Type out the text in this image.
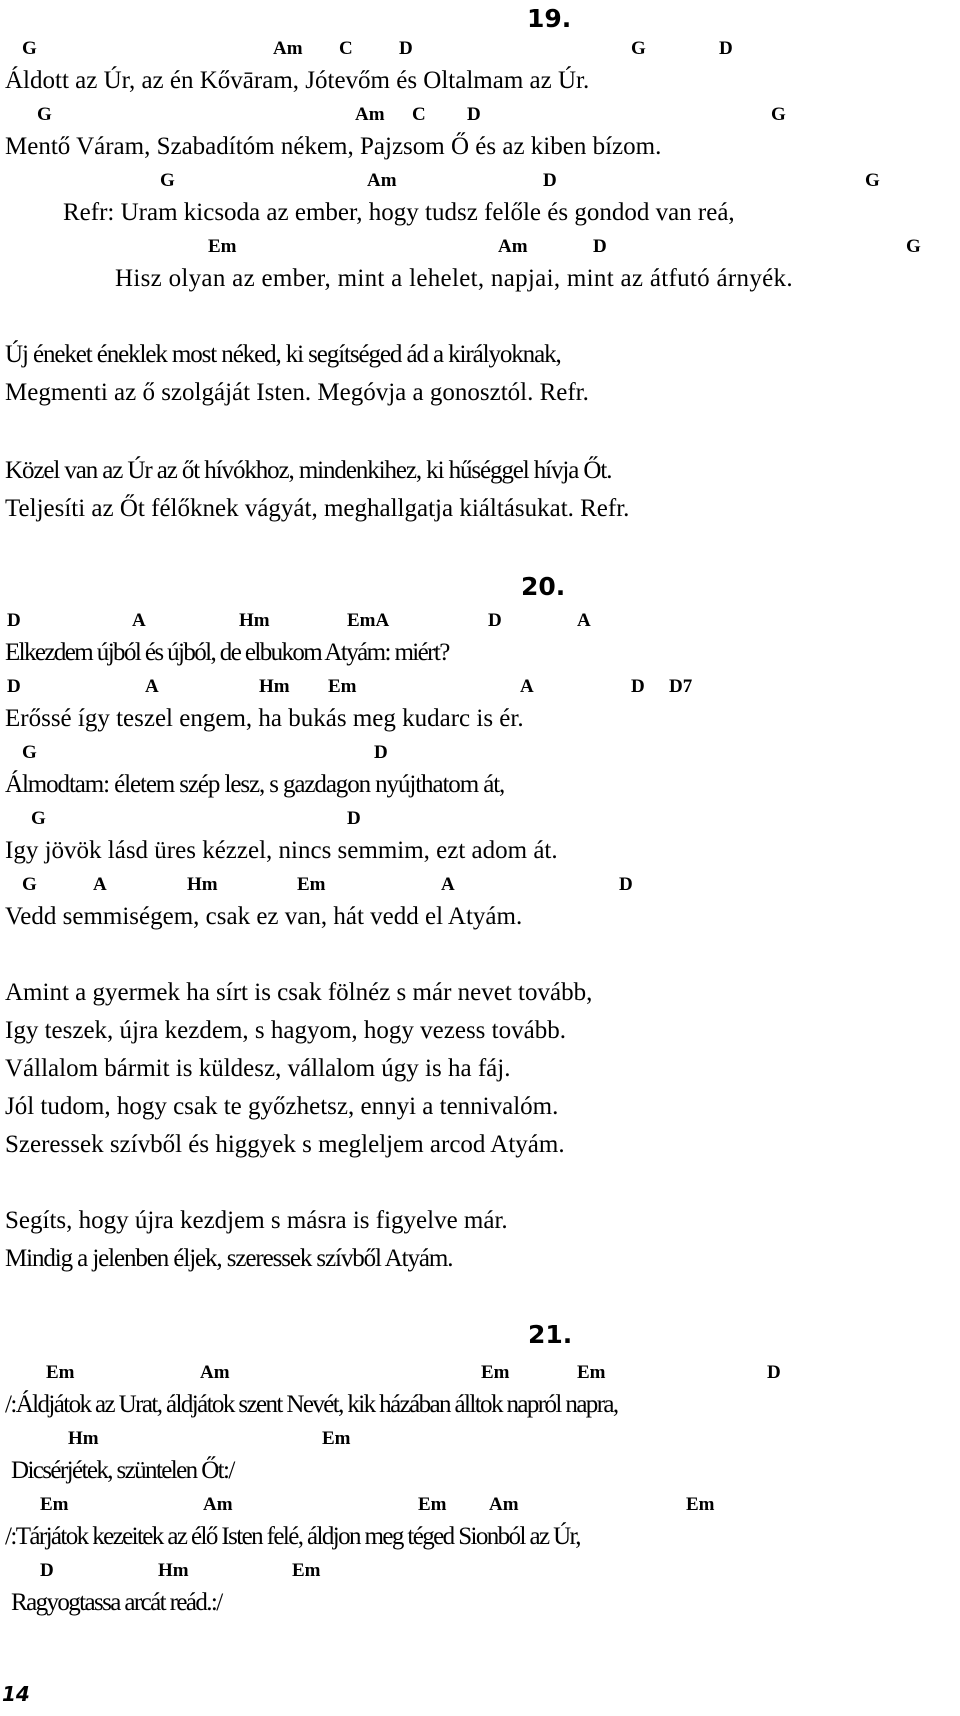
19.
G	Am C D	G	D
Áldott az Úr, az én Kővāram, Jótevőm és Oltalmam az Úr.
G	Am C D	G
Mentő Váram, Szabadítóm nékem, Pajzsom Ő és az kiben bízom.
G	Am	D	G
Refr: Uram kicsoda az ember, hogy tudsz felőle és gondod van reá,
Em	Am	D	G
Hisz olyan az ember, mint a lehelet, napjai, mint az átfutó árnyék.
Új éneket éneklek most néked, ki segítséged ád a királyoknak,
Megmenti az ő szolgáját Isten. Megóvja a gonosztól. Refr.
Közel van az Úr az őt hívókhoz, mindenkihez, ki hűséggel hívja Őt.
Teljesíti az Őt félőknek vágyát, meghallgatja kiáltásukat. Refr.
20.
D	A	Hm	EmA	D	A
Elkezdem újból és újból, de elbukom Atyám: miért?
D	A	Hm Em	A	D D7
Erőssé így teszel engem, ha bukás meg kudarc is ér.
G	D
Álmodtam: életem szép lesz, s gazdagon nyújthatom át,
G	D
Igy jövök lásd üres kézzel, nincs semmim, ezt adom át.
G	A	Hm	Em	A	D
Vedd semmiségem, csak ez van, hát vedd el Atyám.
Amint a gyermek ha sírt is csak fölnéz s már nevet tovább,
Igy teszek, újra kezdem, s hagyom, hogy vezess tovább.
Vállalom bármit is küldesz, vállalom úgy is ha fáj.
Jól tudom, hogy csak te győzhetsz, ennyi a tennivalóm.
Szeressek szívből és higgyek s megleljem arcod Atyám.
Segíts, hogy újra kezdjem s másra is figyelve már.
Mindig a jelenben éljek, szeressek szívből Atyám.
21.
Em	Am	Em	Em	D
/:Áldjátok az Urat, áldjátok szent Nevét, kik házában álltok napról napra,
Hm	Em
Dicsérjétek, szüntelen Őt:/
Em	Am	Em Am	Em
/:Tárjátok kezeitek az élő Isten felé, áldjon meg téged Sionból az Úr,
D	Hm	Em
Ragyogtassa arcát reád.:/
14
